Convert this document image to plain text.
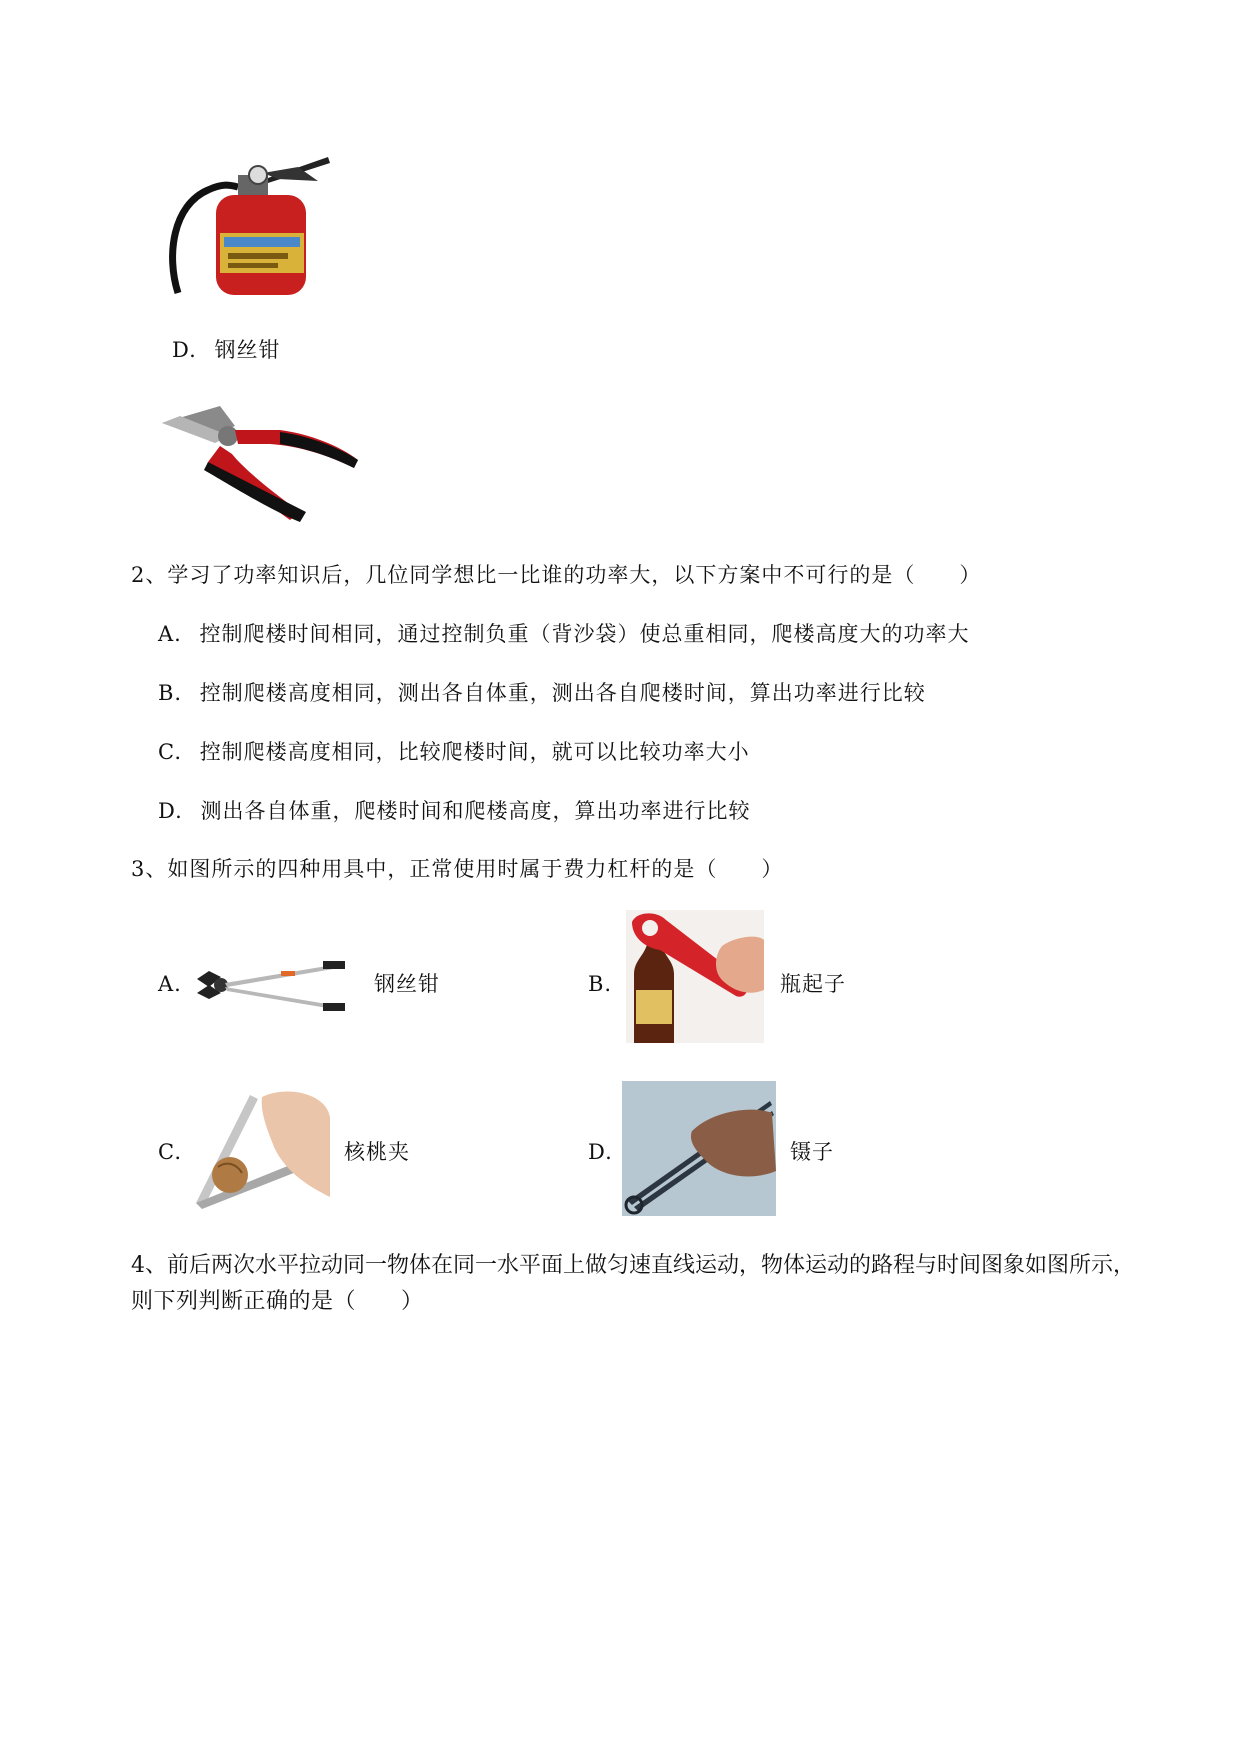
D. 钢丝钳
2、学习了功率知识后，几位同学想比一比谁的功率大，以下方案中不可行的是（　　）
A. 控制爬楼时间相同，通过控制负重（背沙袋）使总重相同，爬楼高度大的功率大
B. 控制爬楼高度相同，测出各自体重，测出各自爬楼时间，算出功率进行比较
C. 控制爬楼高度相同，比较爬楼时间，就可以比较功率大小
D. 测出各自体重，爬楼时间和爬楼高度，算出功率进行比较
3、如图所示的四种用具中，正常使用时属于费力杠杆的是（　　）
A.	钢丝钳	B.	瓶起子
C.	核桃夹	D.	镊子
4、前后两次水平拉动同一物体在同一水平面上做匀速直线运动，物体运动的路程与时间图象如图所示，
则下列判断正确的是（　　）
